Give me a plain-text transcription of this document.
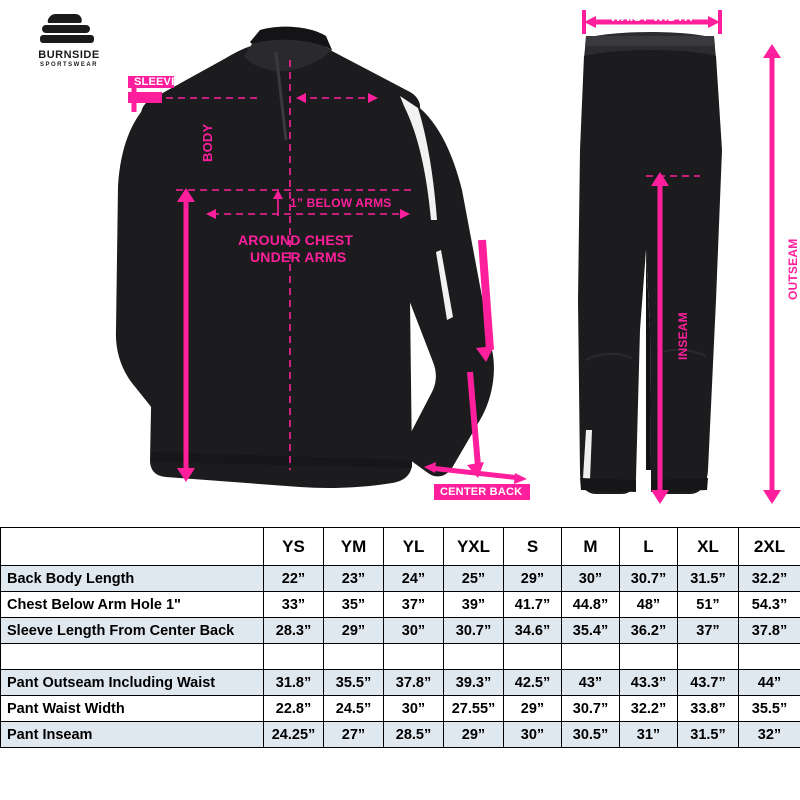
BURNSIDE
SPORTSWEAR
BODY
1” BELOW ARMS
AROUND CHEST
UNDER ARMS
SLEEVE
CENTER BACK
WAIST WIDTH
OUTSEAM
INSEAM
	YS	YM	YL	YXL	S	M	L	XL	2XL
Back Body Length	22”	23”	24”	25”	29”	30”	30.7”	31.5”	32.2”
Chest Below Arm Hole 1"	33”	35”	37”	39”	41.7”	44.8”	48”	51”	54.3”
Sleeve Length From Center Back	28.3”	29”	30”	30.7”	34.6”	35.4”	36.2”	37”	37.8”

Pant Outseam Including Waist	31.8”	35.5”	37.8”	39.3”	42.5”	43”	43.3”	43.7”	44”
Pant Waist Width	22.8”	24.5”	30”	27.55”	29”	30.7”	32.2”	33.8”	35.5”
Pant Inseam	24.25”	27”	28.5”	29”	30”	30.5”	31”	31.5”	32”
